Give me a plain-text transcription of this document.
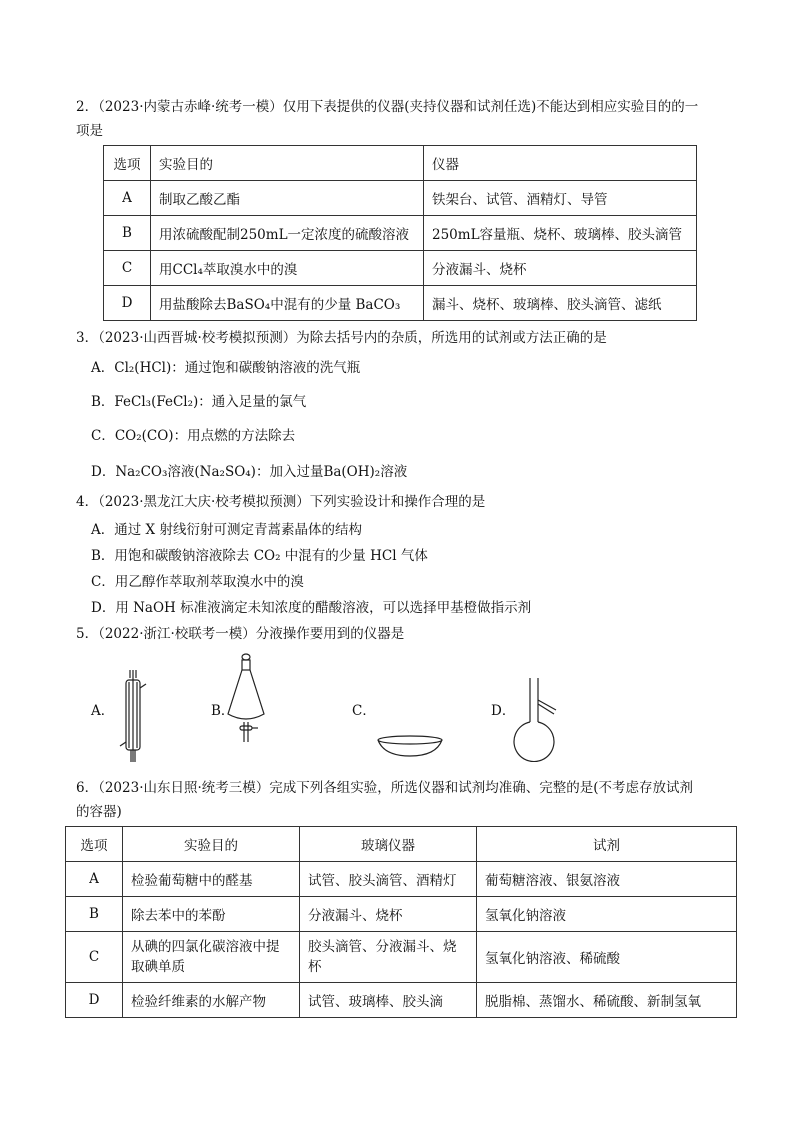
2．（2023·内蒙古赤峰·统考一模）仅用下表提供的仪器(夹持仪器和试剂任选)不能达到相应实验目的的一
项是
选项	实验目的	仪器
A	制取乙酸乙酯	铁架台、试管、酒精灯、导管
B	用浓硫酸配制250mL一定浓度的硫酸溶液	250mL容量瓶、烧杯、玻璃棒、胶头滴管
C	用CCl₄萃取溴水中的溴	分液漏斗、烧杯
D	用盐酸除去BaSO₄中混有的少量 BaCO₃	漏斗、烧杯、玻璃棒、胶头滴管、滤纸
3．（2023·山西晋城·校考模拟预测）为除去括号内的杂质，所选用的试剂或方法正确的是
A．Cl₂(HCl)：通过饱和碳酸钠溶液的洗气瓶
B．FeCl₃(FeCl₂)：通入足量的氯气
C．CO₂(CO)：用点燃的方法除去
D．Na₂CO₃溶液(Na₂SO₄)：加入过量Ba(OH)₂溶液
4．（2023·黑龙江大庆·校考模拟预测）下列实验设计和操作合理的是
A．通过 X 射线衍射可测定青蒿素晶体的结构
B．用饱和碳酸钠溶液除去 CO₂ 中混有的少量 HCl 气体
C．用乙醇作萃取剂萃取溴水中的溴
D．用 NaOH 标准液滴定未知浓度的醋酸溶液，可以选择甲基橙做指示剂
5．（2022·浙江·校联考一模）分液操作要用到的仪器是
A．	B．	C．	D．
6．（2023·山东日照·统考三模）完成下列各组实验，所选仪器和试剂均准确、完整的是(不考虑存放试剂
的容器)
选项	实验目的	玻璃仪器	试剂
A	检验葡萄糖中的醛基	试管、胶头滴管、酒精灯	葡萄糖溶液、银氨溶液
B	除去苯中的苯酚	分液漏斗、烧杯	氢氧化钠溶液
C	从碘的四氯化碳溶液中提取碘单质	胶头滴管、分液漏斗、烧杯	氢氧化钠溶液、稀硫酸
D	检验纤维素的水解产物	试管、玻璃棒、胶头滴	脱脂棉、蒸馏水、稀硫酸、新制氢氧
